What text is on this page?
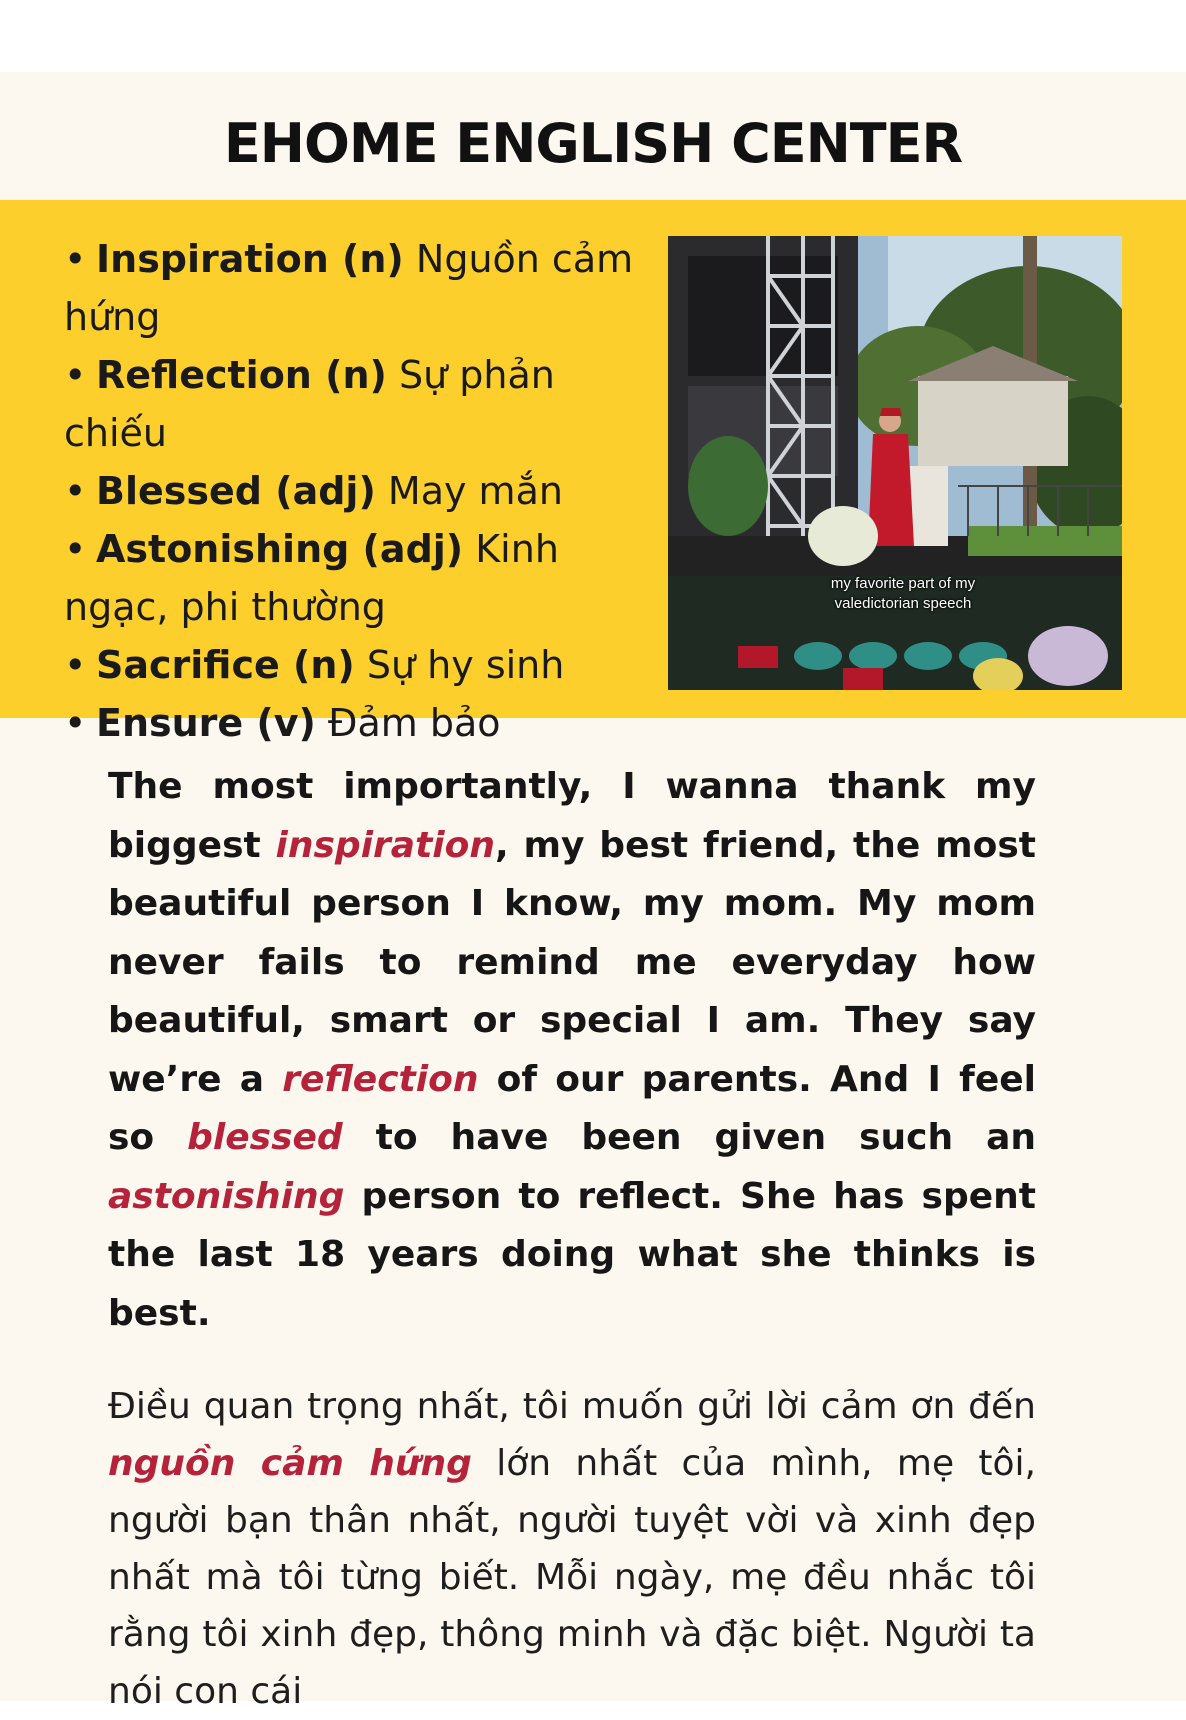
EHOME ENGLISH CENTER
• Inspiration (n) Nguồn cảm hứng
• Reflection (n) Sự phản chiếu
• Blessed (adj) May mắn
• Astonishing (adj) Kinh ngạc, phi thường
• Sacrifice (n) Sự hy sinh
• Ensure (v) Đảm bảo
my favorite part of my
valedictorian speech

The most importantly, I wanna thank my biggest inspiration, my best friend, the most beautiful person I know, my mom. My mom never fails to remind me everyday how beautiful, smart or special I am. They say we’re a reflection of our parents. And I feel so blessed to have been given such an astonishing person to reflect. She has spent the last 18 years doing what she thinks is best.

Điều quan trọng nhất, tôi muốn gửi lời cảm ơn đến nguồn cảm hứng lớn nhất của mình, mẹ tôi, người bạn thân nhất, người tuyệt vời và xinh đẹp nhất mà tôi từng biết. Mỗi ngày, mẹ đều nhắc tôi rằng tôi xinh đẹp, thông minh và đặc biệt. Người ta nói con cái
